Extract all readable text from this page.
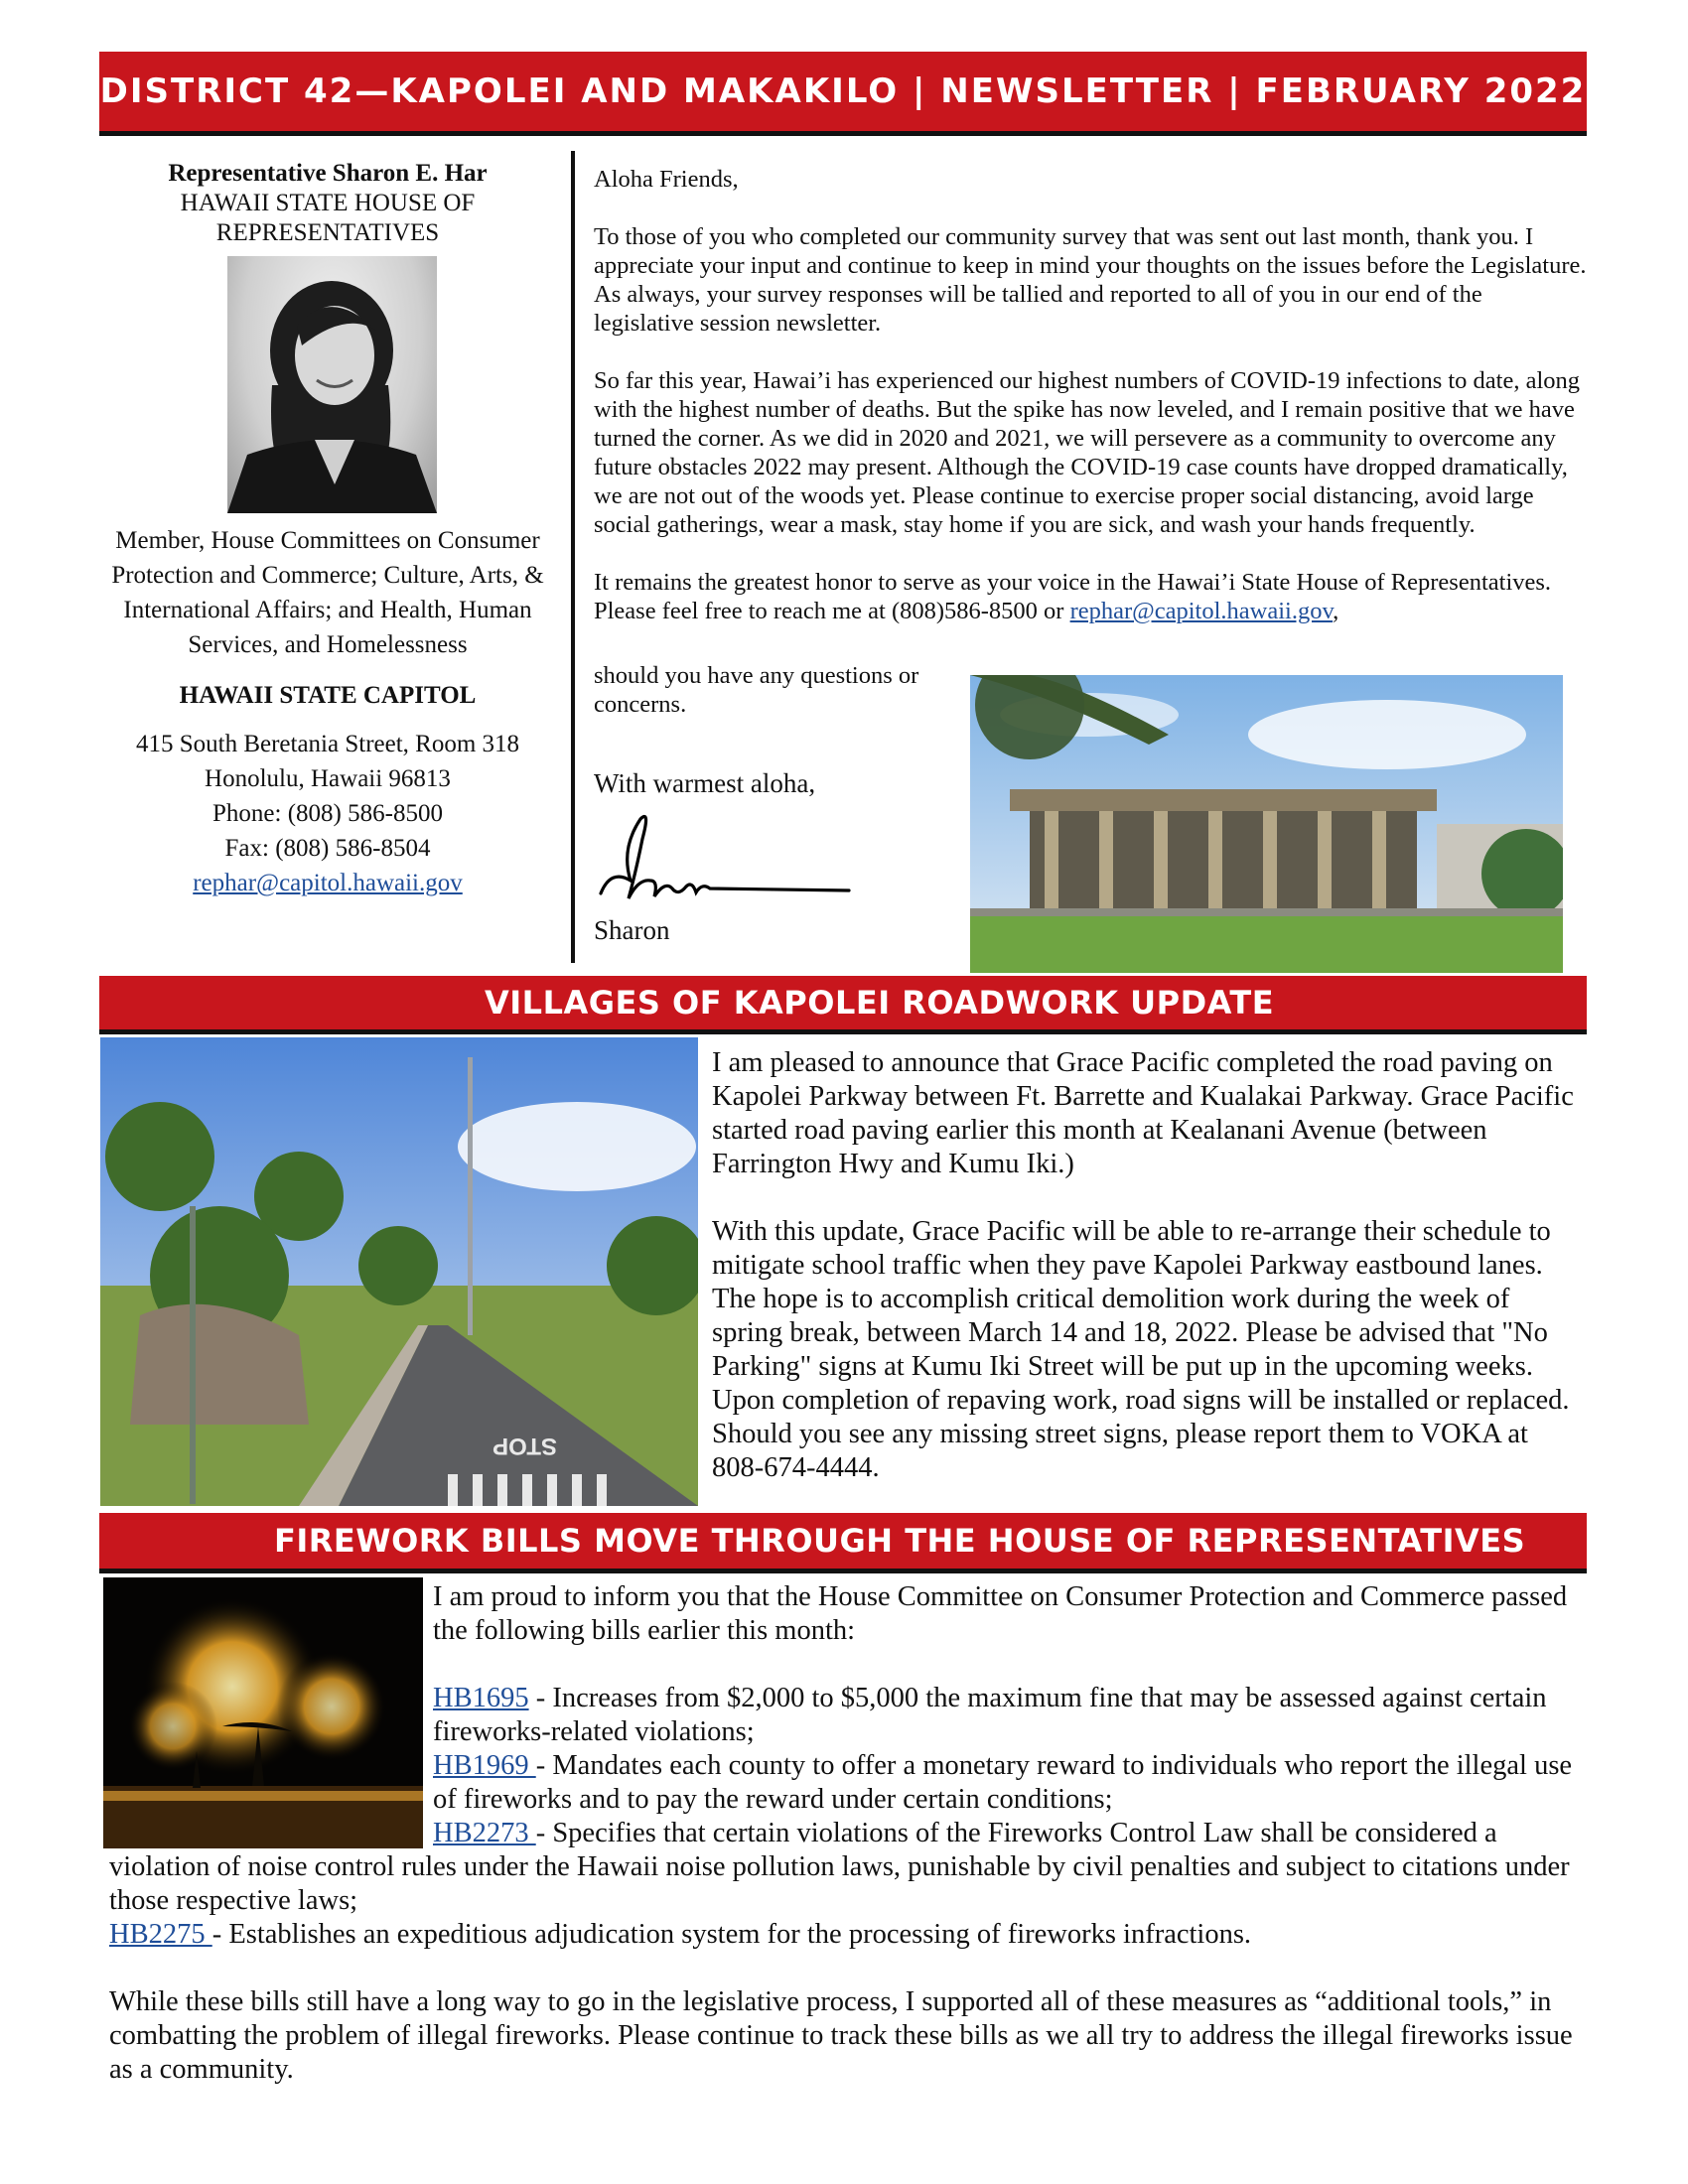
DISTRICT 42—KAPOLEI AND MAKAKILO | NEWSLETTER | FEBRUARY 2022
Representative Sharon E. Har
HAWAII STATE HOUSE OF
REPRESENTATIVES

Member, House Committees on Consumer Protection and Commerce; Culture, Arts, & International Affairs; and Health, Human Services, and Homelessness

HAWAII STATE CAPITOL
415 South Beretania Street, Room 318
Honolulu, Hawaii 96813
Phone: (808) 586-8500
Fax: (808) 586-8504
rephar@capitol.hawaii.gov

Aloha Friends,

To those of you who completed our community survey that was sent out last month, thank you. I appreciate your input and continue to keep in mind your thoughts on the issues before the Legislature. As always, your survey responses will be tallied and reported to all of you in our end of the legislative session newsletter.

So far this year, Hawai’i has experienced our highest numbers of COVID-19 infections to date, along with the highest number of deaths. But the spike has now leveled, and I remain positive that we have turned the corner. As we did in 2020 and 2021, we will persevere as a community to overcome any future obstacles 2022 may present. Although the COVID-19 case counts have dropped dramatically, we are not out of the woods yet. Please continue to exercise proper social distancing, avoid large social gatherings, wear a mask, stay home if you are sick, and wash your hands frequently.

It remains the greatest honor to serve as your voice in the Hawai’i State House of Representatives. Please feel free to reach me at (808)586-8500 or rephar@capitol.hawaii.gov,

should you have any questions or
concerns.
With warmest aloha,
Sharon
VILLAGES OF KAPOLEI ROADWORK UPDATE
STOP

I am pleased to announce that Grace Pacific completed the road paving on Kapolei Parkway between Ft. Barrette and Kualakai Parkway. Grace Pacific started road paving earlier this month at Kealanani Avenue (between Farrington Hwy and Kumu Iki.)

With this update, Grace Pacific will be able to re-arrange their schedule to mitigate school traffic when they pave Kapolei Parkway eastbound lanes. The hope is to accomplish critical demolition work during the week of spring break, between March 14 and 18, 2022. Please be advised that "No Parking" signs at Kumu Iki Street will be put up in the upcoming weeks. Upon completion of repaving work, road signs will be installed or replaced. Should you see any missing street signs, please report them to VOKA at 808-674-4444.

FIREWORK BILLS MOVE THROUGH THE HOUSE OF REPRESENTATIVES

I am proud to inform you that the House Committee on Consumer Protection and Commerce passed the following bills earlier this month:

HB1695 - Increases from $2,000 to $5,000 the maximum fine that may be assessed against certain fireworks-related violations;

HB1969 - Mandates each county to offer a monetary reward to individuals who report the illegal use of fireworks and to pay the reward under certain conditions;

HB2273 - Specifies that certain violations of the Fireworks Control Law shall be considered a violation of noise control rules under the Hawaii noise pollution laws, punishable by civil penalties and subject to citations under those respective laws;

HB2275 - Establishes an expeditious adjudication system for the processing of fireworks infractions.

While these bills still have a long way to go in the legislative process, I supported all of these measures as “additional tools,” in combatting the problem of illegal fireworks. Please continue to track these bills as we all try to address the illegal fireworks issue as a community.
